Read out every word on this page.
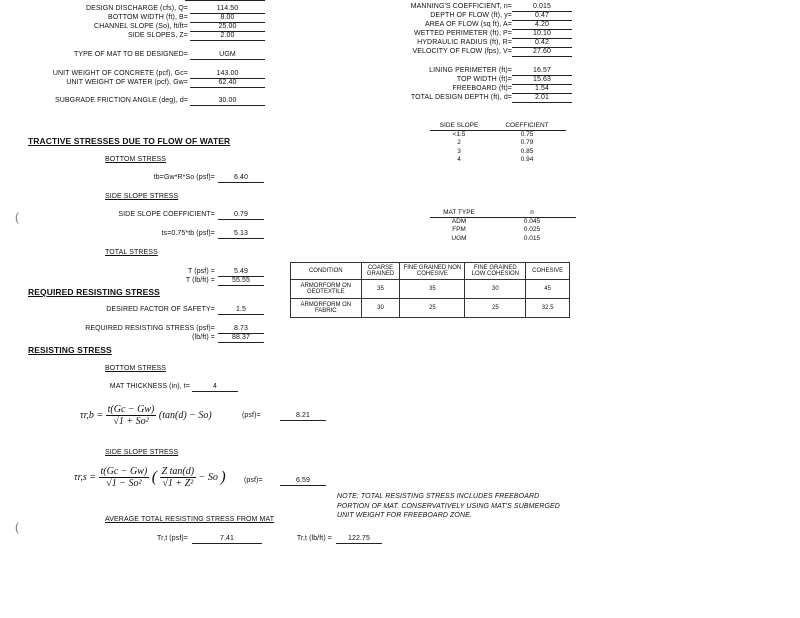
DESIGN DISCHARGE (cfs), Q=	114.50
BOTTOM WIDTH (ft), B=	8.00
CHANNEL SLOPE (So), ft/ft=	25.00
SIDE SLOPES, Z=	2.00
TYPE OF MAT TO BE DESIGNED=	UGM
UNIT WEIGHT OF CONCRETE (pcf), Gc=	143.00
UNIT WEIGHT OF WATER (pcf), Gw=	62.40
SUBGRADE FRICTION ANGLE (deg), d=	30.00
MANNING'S COEFFICIENT, n=	0.015
DEPTH OF FLOW (ft), y=	0.47
AREA OF FLOW (sq ft), A=	4.20
WETTED PERIMETER (ft), P=	10.10
HYDRAULIC RADIUS (ft), R=	0.42
VELOCITY OF FLOW (fps), V=	27.60
LINING PERIMETER (ft)=	16.57
TOP WIDTH (ft)=	15.63
FREEBOARD (ft)=	1.54
TOTAL DESIGN DEPTH (ft), d=	2.01
SIDE SLOPE	COEFFICIENT
<1.5	0.75
2	0.79
3	0.85
4	0.94
MAT TYPE	n
ADM	0.045
FPM	0.025
UGM	0.015
CONDITION	COARSE GRAINED	FINE GRAINED NON COHESIVE	FINE GRAINED LOW COHESION	COHESIVE
ARMORFORM ON GEOTEXTILE	35	35	30	45
ARMORFORM ON FABRIC	30	25	25	32.5
TRACTIVE STRESSES DUE TO FLOW OF WATER
BOTTOM STRESS
tb=Gw*R*So (psf)=	6.40
SIDE SLOPE STRESS
SIDE SLOPE COEFFICIENT=	0.79
ts=0.75*tb (psf)=	5.13
TOTAL STRESS
T (psf) =	5.49
T (lb/ft) =	55.55
REQUIRED RESISTING STRESS
DESIRED FACTOR OF SAFETY=	1.5
REQUIRED RESISTING STRESS (psf)=	8.73
(lb/ft) =	88.37
RESISTING STRESS
BOTTOM STRESS
MAT THICKNESS (in), t=	4
$\tau r,b = \frac{t(Gc - Gw)}{\text{√1 + So²}} (\tan(d) - So)$	(psf)=	8.21
SIDE SLOPE STRESS
$\tau r,s = \frac{t(Gc - Gw)}{\text{√1 − So²}}$ ( $\frac{\text{Z tan(d)}}{\text{√1 + Z²}} - So$ )	(psf)=	6.59
NOTE: TOTAL RESISTING STRESS INCLUDES FREEBOARD PORTION OF MAT. CONSERVATIVELY USING MAT'S SUBMERGED UNIT WEIGHT FOR FREEBOARD ZONE.
AVERAGE TOTAL RESISTING STRESS FROM MAT
Tr,t (psf)=	7.41	Tr,t (lb/ft) =	122.75
(
(
